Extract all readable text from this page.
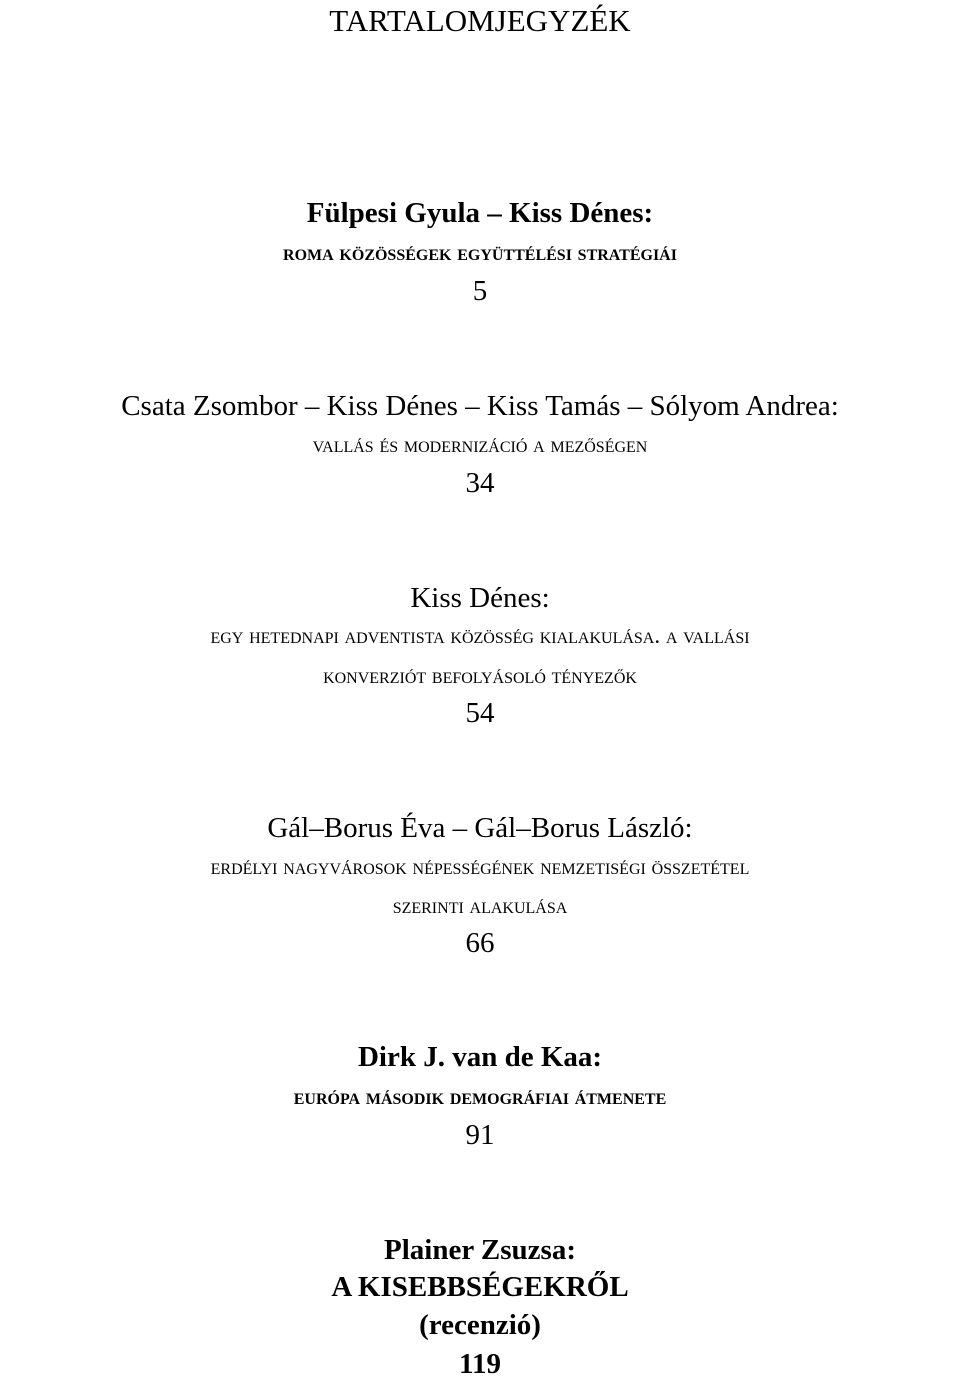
TARTALOMJEGYZÉK
Fülpesi Gyula – Kiss Dénes:
roma közösségek együttélési stratégiái
5
Csata Zsombor – Kiss Dénes – Kiss Tamás – Sólyom Andrea:
vallás és modernizáció a mezőségen
34
Kiss Dénes:
egy hetednapi adventista közösség kialakulása. a vallási
konverziót befolyásoló tényezők
54
Gál–Borus Éva – Gál–Borus László:
erdélyi nagyvárosok népességének nemzetiségi összetétel
szerinti alakulása
66
Dirk J. van de Kaa:
európa második demográfiai átmenete
91
Plainer Zsuzsa:
A KISEBBSÉGEKRŐL
(recenzió)
119
